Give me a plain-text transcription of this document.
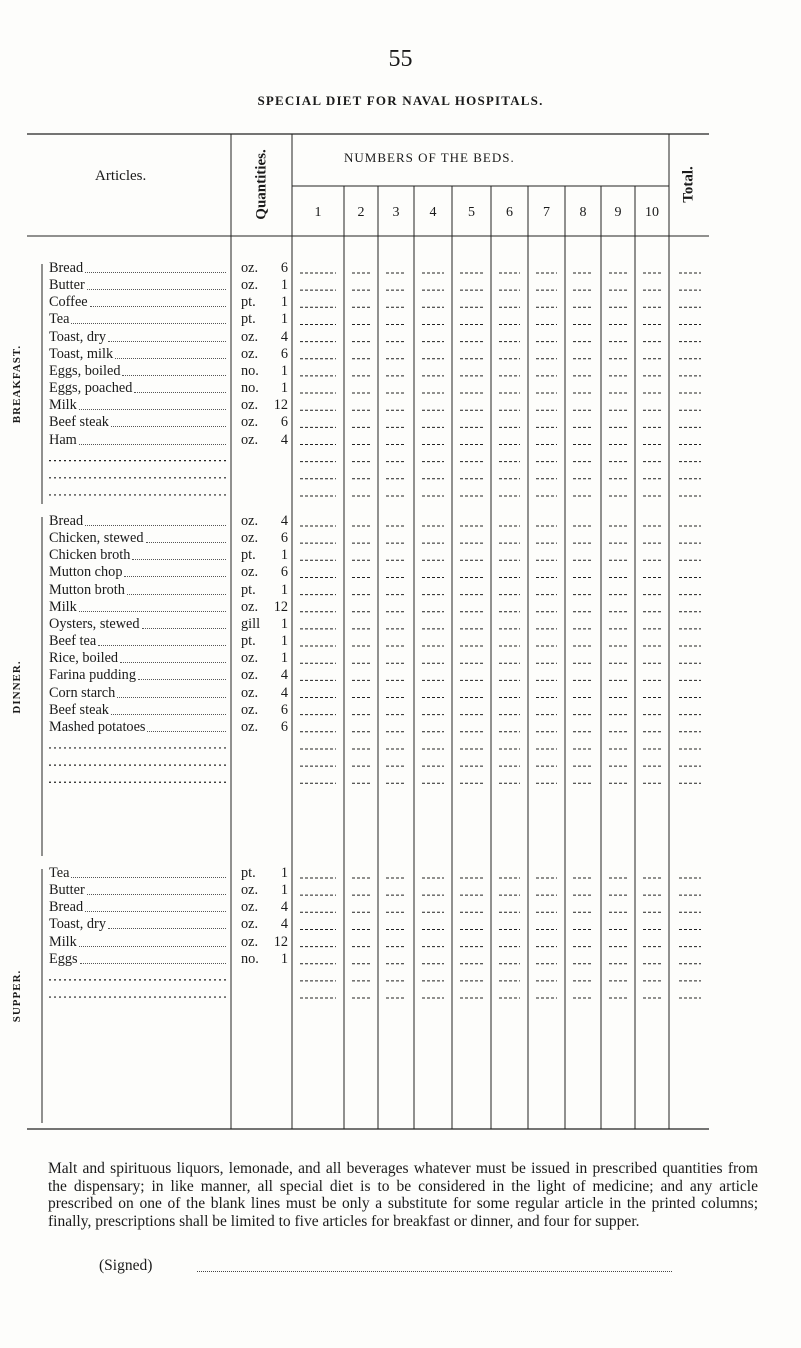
55
SPECIAL DIET FOR NAVAL HOSPITALS.
Articles.	Quantities.	NUMBERS OF THE BEDS.
1	2	3	4	5	6	7	8	9	10
Total.
BREAKFAST.
Bread	oz.	6
Butter	oz.	1
Coffee	pt.	1
Tea	pt.	1
Toast, dry	oz.	4
Toast, milk	oz.	6
Eggs, boiled	no.	1
Eggs, poached	no.	1
Milk	oz.	12
Beef steak	oz.	6
Ham	oz.	4
DINNER.
Bread	oz.	4
Chicken, stewed	oz.	6
Chicken broth	pt.	1
Mutton chop	oz.	6
Mutton broth	pt.	1
Milk	oz.	12
Oysters, stewed	gill	1
Beef tea	pt.	1
Rice, boiled	oz.	1
Farina pudding	oz.	4
Corn starch	oz.	4
Beef steak	oz.	6
Mashed potatoes	oz.	6
SUPPER.
Tea	pt.	1
Butter	oz.	1
Bread	oz.	4
Toast, dry	oz.	4
Milk	oz.	12
Eggs	no.	1
Malt and spirituous liquors, lemonade, and all beverages whatever must be issued in prescribed quantities from the dispensary; in like manner, all special diet is to be considered in the light of medicine; and any article prescribed on one of the blank lines must be only a substitute for some regular article in the printed columns; finally, prescriptions shall be limited to five articles for breakfast or dinner, and four for supper.
(Signed)
